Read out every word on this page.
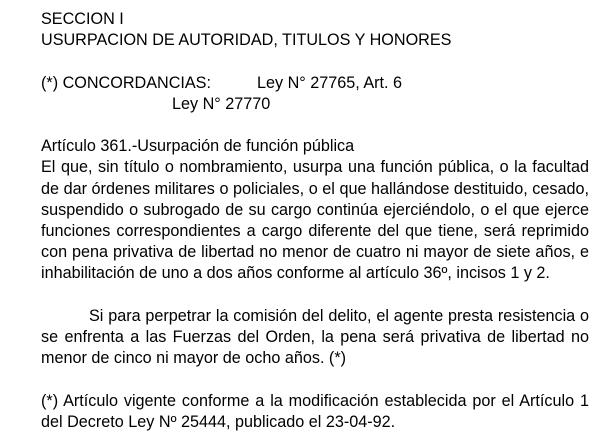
SECCION I
USURPACION DE AUTORIDAD, TITULOS Y HONORES
(*) CONCORDANCIAS:	Ley N° 27765, Art. 6
Ley N° 27770
Artículo 361.-Usurpación de función pública

El que, sin título o nombramiento, usurpa una función pública, o la facultad de dar órdenes militares o policiales, o el que hallándose destituido, cesado, suspendido o subrogado de su cargo continúa ejerciéndolo, o el que ejerce funciones correspondientes a cargo diferente del que tiene, será reprimido con pena privativa de libertad no menor de cuatro ni mayor de siete años, e inhabilitación de uno a dos años conforme al artículo 36º, incisos 1 y 2.

Si para perpetrar la comisión del delito, el agente presta resistencia o se enfrenta a las Fuerzas del Orden, la pena será privativa de libertad no menor de cinco ni mayor de ocho años. (*)

(*) Artículo vigente conforme a la modificación establecida por el Artículo 1 del Decreto Ley Nº 25444, publicado el 23-04-92.
